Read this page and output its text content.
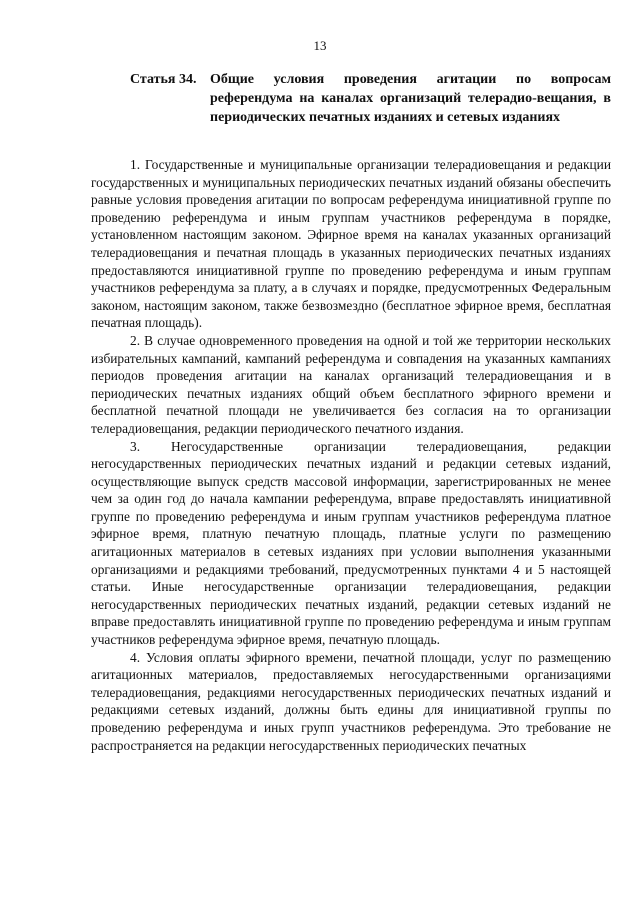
13
Статья 34. Общие условия проведения агитации по вопросам референдума на каналах организаций телерадио-вещания, в периодических печатных изданиях и сетевых изданиях

1. Государственные и муниципальные организации телерадиовещания и редакции государственных и муниципальных периодических печатных изданий обязаны обеспечить равные условия проведения агитации по вопросам референдума инициативной группе по проведению референдума и иным группам участников референдума в порядке, установленном настоящим законом. Эфирное время на каналах указанных организаций телерадиовещания и печатная площадь в указанных периодических печатных изданиях предоставляются инициативной группе по проведению референдума и иным группам участников референдума за плату, а в случаях и порядке, предусмотренных Федеральным законом, настоящим законом, также безвозмездно (бесплатное эфирное время, бесплатная печатная площадь).

2. В случае одновременного проведения на одной и той же территории нескольких избирательных кампаний, кампаний референдума и совпадения на указанных кампаниях периодов проведения агитации на каналах организаций телерадиовещания и в периодических печатных изданиях общий объем бесплатного эфирного времени и бесплатной печатной площади не увеличивается без согласия на то организации телерадиовещания, редакции периодического печатного издания.

3. Негосударственные организации телерадиовещания, редакции негосударственных периодических печатных изданий и редакции сетевых изданий, осуществляющие выпуск средств массовой информации, зарегистрированных не менее чем за один год до начала кампании референдума, вправе предоставлять инициативной группе по проведению референдума и иным группам участников референдума платное эфирное время, платную печатную площадь, платные услуги по размещению агитационных материалов в сетевых изданиях при условии выполнения указанными организациями и редакциями требований, предусмотренных пунктами 4 и 5 настоящей статьи. Иные негосударственные организации телерадиовещания, редакции негосударственных периодических печатных изданий, редакции сетевых изданий не вправе предоставлять инициативной группе по проведению референдума и иным группам участников референдума эфирное время, печатную площадь.

4. Условия оплаты эфирного времени, печатной площади, услуг по размещению агитационных материалов, предоставляемых негосударственными организациями телерадиовещания, редакциями негосударственных периодических печатных изданий и редакциями сетевых изданий, должны быть едины для инициативной группы по проведению референдума и иных групп участников референдума. Это требование не распространяется на редакции негосударственных периодических печатных
